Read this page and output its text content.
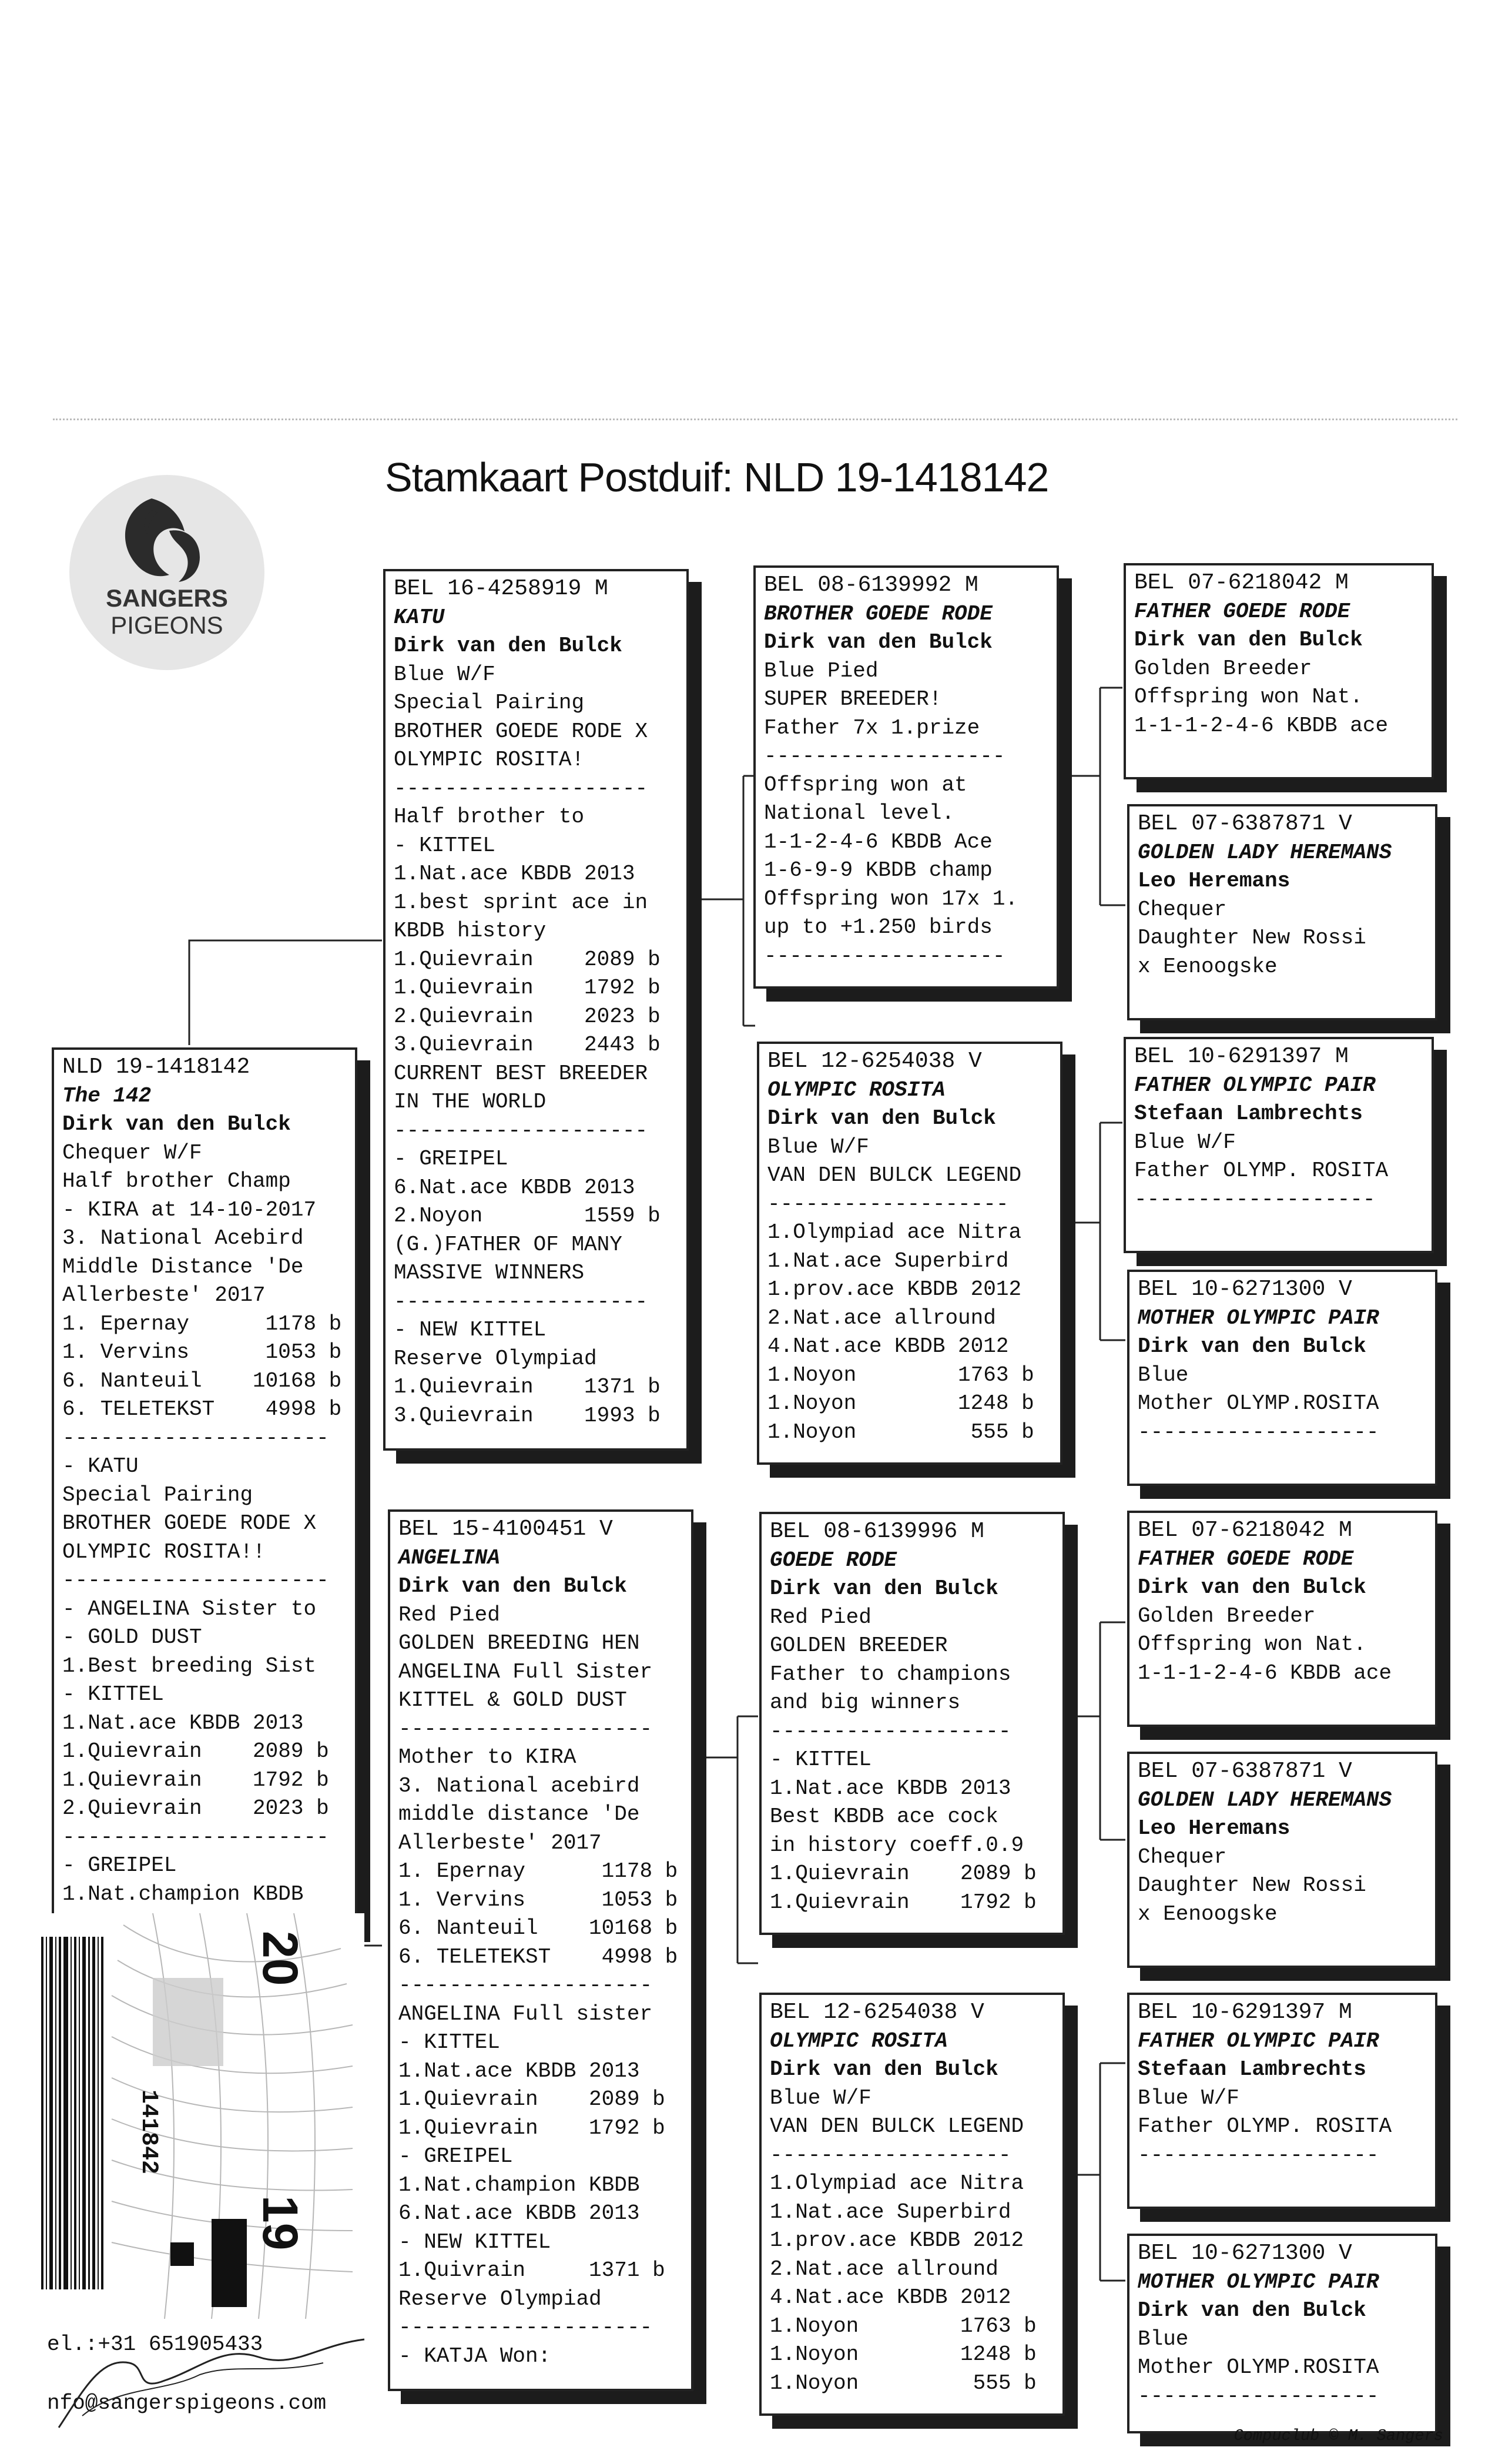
SANGERS
PIGEONS
Stamkaart Postduif: NLD 19-1418142
NLD 19-1418142
The 142
Dirk van den Bulck
Chequer W/F
Half brother Champ
- KIRA at 14-10-2017
3. National Acebird
Middle Distance 'De
Allerbeste' 2017
1. Epernay      1178 b
1. Vervins      1053 b
6. Nanteuil    10168 b
6. TELETEKST    4998 b
---------------------
- KATU
Special Pairing
BROTHER GOEDE RODE X
OLYMPIC ROSITA!!
---------------------
- ANGELINA Sister to
- GOLD DUST
1.Best breeding Sist
- KITTEL
1.Nat.ace KBDB 2013
1.Quievrain    2089 b
1.Quievrain    1792 b
2.Quievrain    2023 b
---------------------
- GREIPEL
1.Nat.champion KBDB
BEL 16-4258919 M
KATU
Dirk van den Bulck
Blue W/F
Special Pairing
BROTHER GOEDE RODE X
OLYMPIC ROSITA!
--------------------
Half brother to
- KITTEL
1.Nat.ace KBDB 2013
1.best sprint ace in
KBDB history
1.Quievrain    2089 b
1.Quievrain    1792 b
2.Quievrain    2023 b
3.Quievrain    2443 b
CURRENT BEST BREEDER
IN THE WORLD
--------------------
- GREIPEL
6.Nat.ace KBDB 2013
2.Noyon        1559 b
(G.)FATHER OF MANY
MASSIVE WINNERS
--------------------
- NEW KITTEL
Reserve Olympiad
1.Quievrain    1371 b
3.Quievrain    1993 b
BEL 15-4100451 V
ANGELINA
Dirk van den Bulck
Red Pied
GOLDEN BREEDING HEN
ANGELINA Full Sister
KITTEL & GOLD DUST
--------------------
Mother to KIRA
3. National acebird
middle distance 'De
Allerbeste' 2017
1. Epernay      1178 b
1. Vervins      1053 b
6. Nanteuil    10168 b
6. TELETEKST    4998 b
--------------------
ANGELINA Full sister
- KITTEL
1.Nat.ace KBDB 2013
1.Quievrain    2089 b
1.Quievrain    1792 b
- GREIPEL
1.Nat.champion KBDB
6.Nat.ace KBDB 2013
- NEW KITTEL
1.Quivrain     1371 b
Reserve Olympiad
--------------------
- KATJA Won:
BEL 08-6139992 M
BROTHER GOEDE RODE
Dirk van den Bulck
Blue Pied
SUPER BREEDER!
Father 7x 1.prize
-------------------
Offspring won at
National level.
1-1-2-4-6 KBDB Ace
1-6-9-9 KBDB champ
Offspring won 17x 1.
up to +1.250 birds
-------------------
BEL 12-6254038 V
OLYMPIC ROSITA
Dirk van den Bulck
Blue W/F
VAN DEN BULCK LEGEND
-------------------
1.Olympiad ace Nitra
1.Nat.ace Superbird
1.prov.ace KBDB 2012
2.Nat.ace allround
4.Nat.ace KBDB 2012
1.Noyon        1763 b
1.Noyon        1248 b
1.Noyon         555 b
BEL 08-6139996 M
GOEDE RODE
Dirk van den Bulck
Red Pied
GOLDEN BREEDER
Father to champions
and big winners
-------------------
- KITTEL
1.Nat.ace KBDB 2013
Best KBDB ace cock
in history coeff.0.9
1.Quievrain    2089 b
1.Quievrain    1792 b
BEL 12-6254038 V
OLYMPIC ROSITA
Dirk van den Bulck
Blue W/F
VAN DEN BULCK LEGEND
-------------------
1.Olympiad ace Nitra
1.Nat.ace Superbird
1.prov.ace KBDB 2012
2.Nat.ace allround
4.Nat.ace KBDB 2012
1.Noyon        1763 b
1.Noyon        1248 b
1.Noyon         555 b
BEL 07-6218042 M
FATHER GOEDE RODE
Dirk van den Bulck
Golden Breeder
Offspring won Nat.
1-1-1-2-4-6 KBDB ace
BEL 07-6387871 V
GOLDEN LADY HEREMANS
Leo Heremans
Chequer
Daughter New Rossi
x Eenoogske
BEL 10-6291397 M
FATHER OLYMPIC PAIR
Stefaan Lambrechts
Blue W/F
Father OLYMP. ROSITA
-------------------
BEL 10-6271300 V
MOTHER OLYMPIC PAIR
Dirk van den Bulck
Blue
Mother OLYMP.ROSITA
-------------------
BEL 07-6218042 M
FATHER GOEDE RODE
Dirk van den Bulck
Golden Breeder
Offspring won Nat.
1-1-1-2-4-6 KBDB ace
BEL 07-6387871 V
GOLDEN LADY HEREMANS
Leo Heremans
Chequer
Daughter New Rossi
x Eenoogske
BEL 10-6291397 M
FATHER OLYMPIC PAIR
Stefaan Lambrechts
Blue W/F
Father OLYMP. ROSITA
-------------------
BEL 10-6271300 V
MOTHER OLYMPIC PAIR
Dirk van den Bulck
Blue
Mother OLYMP.ROSITA
-------------------
141842
20
19
el.:+31 651905433
nfo@sangerspigeons.com
Compuclub © M. Sangers
